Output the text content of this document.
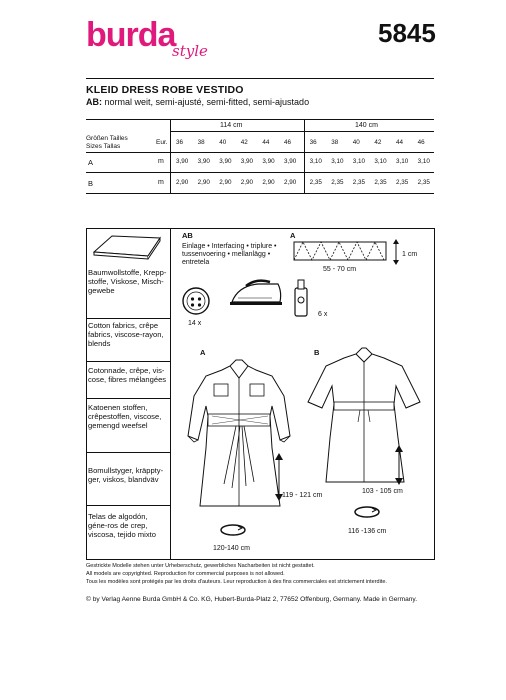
burda
style
5845
KLEID DRESS ROBE VESTIDO
AB: normal weit, semi-ajusté, semi-fitted, semi-ajustado
114 cm	140 cm
Größen Tailles
Sizes Tallas
Eur. 36 38 40 42 44 46	36 38 40 42 44 46
A	m 3,90 3,90 3,90 3,90 3,90 3,90 3,10 3,10 3,10 3,10 3,10 3,10
B	m 2,90 2,90 2,90 2,90 2,90 2,90 2,35 2,35 2,35 2,35 2,35 2,35
Baumwollstoffe, Krepp-stoffe, Viskose, Misch-gewebe
Cotton fabrics, crêpe fabrics, viscose-rayon, blends
Cotonnade, crêpe, vis-cose, fibres mélangées
Katoenen stoffen, crêpestoffen, viscose, gemengd weefsel
Bomullstyger, kräppty-ger, viskos, blandväv
Telas de algodón, géne-ros de crep, viscosa, tejido mixto
AB
Einlage • Interfacing • triplure •
tussenvoering • mellanlägg •
entretela
A
55 - 70 cm
1 cm
14 x
6 x
A
119 - 121 cm
B
103 - 105 cm
120-140 cm
116 -136 cm
Gestrickte Modelle stehen unter Urheberschutz, gewerbliches Nacharbeiten ist nicht gestattet.
All models are copyrighted. Reproduction for commercial purposes is not allowed.
Tous les modèles sont protégés par les droits d'auteurs. Leur reproduction à des fins commerciales est strictement interdite.
© by Verlag Aenne Burda GmbH & Co. KG, Hubert-Burda-Platz 2, 77652 Offenburg, Germany. Made in Germany.
